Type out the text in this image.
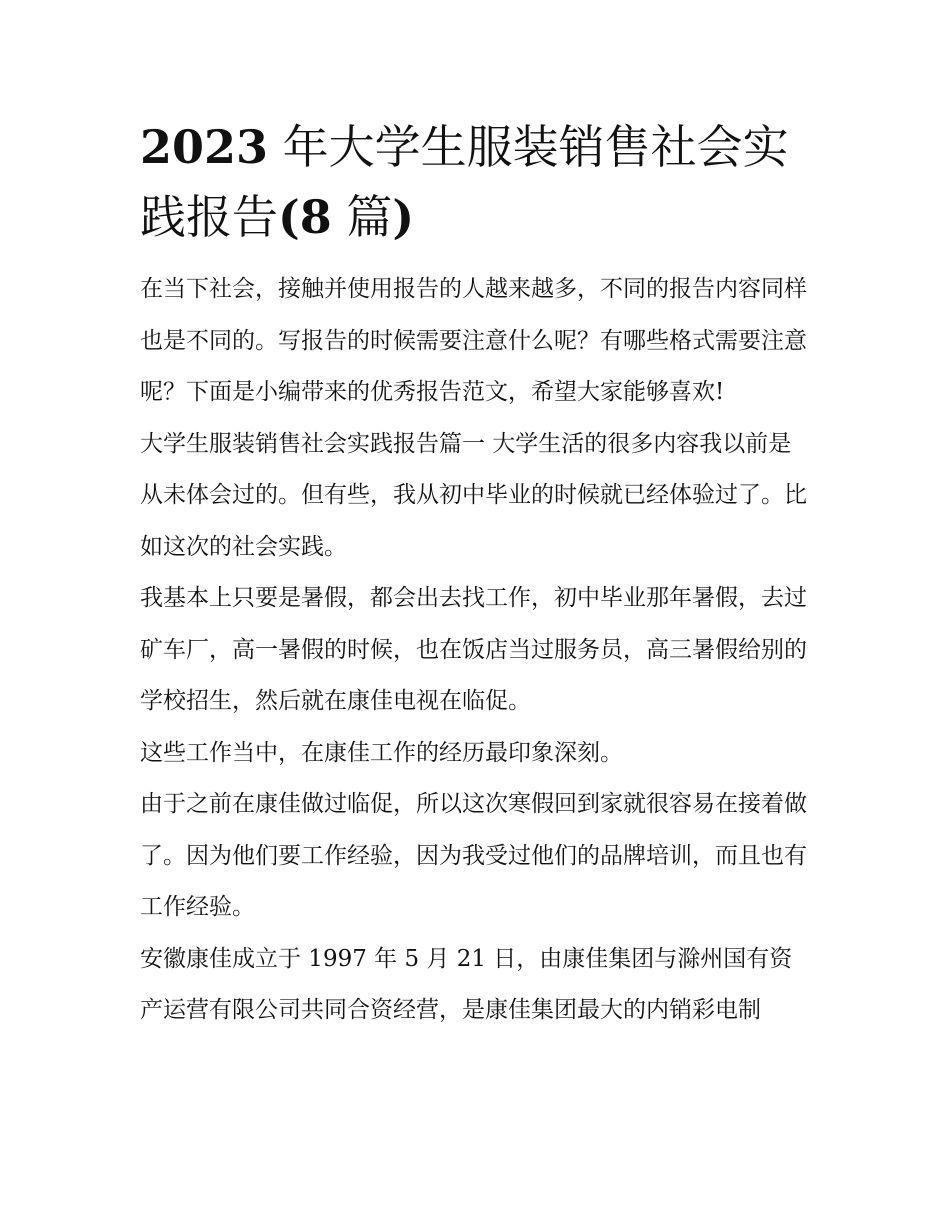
2023 年大学生服装销售社会实践报告(8 篇)

在当下社会，接触并使用报告的人越来越多，不同的报告内容同样也是不同的。写报告的时候需要注意什么呢？有哪些格式需要注意呢？下面是小编带来的优秀报告范文，希望大家能够喜欢!

大学生服装销售社会实践报告篇一 大学生活的很多内容我以前是从未体会过的。但有些，我从初中毕业的时候就已经体验过了。比如这次的社会实践。

我基本上只要是暑假，都会出去找工作，初中毕业那年暑假，去过矿车厂，高一暑假的时候，也在饭店当过服务员，高三暑假给别的学校招生，然后就在康佳电视在临促。

这些工作当中，在康佳工作的经历最印象深刻。

由于之前在康佳做过临促，所以这次寒假回到家就很容易在接着做了。因为他们要工作经验，因为我受过他们的品牌培训，而且也有工作经验。

安徽康佳成立于 1997 年 5 月 21 日，由康佳集团与滁州国有资产运营有限公司共同合资经营，是康佳集团最大的内销彩电制
